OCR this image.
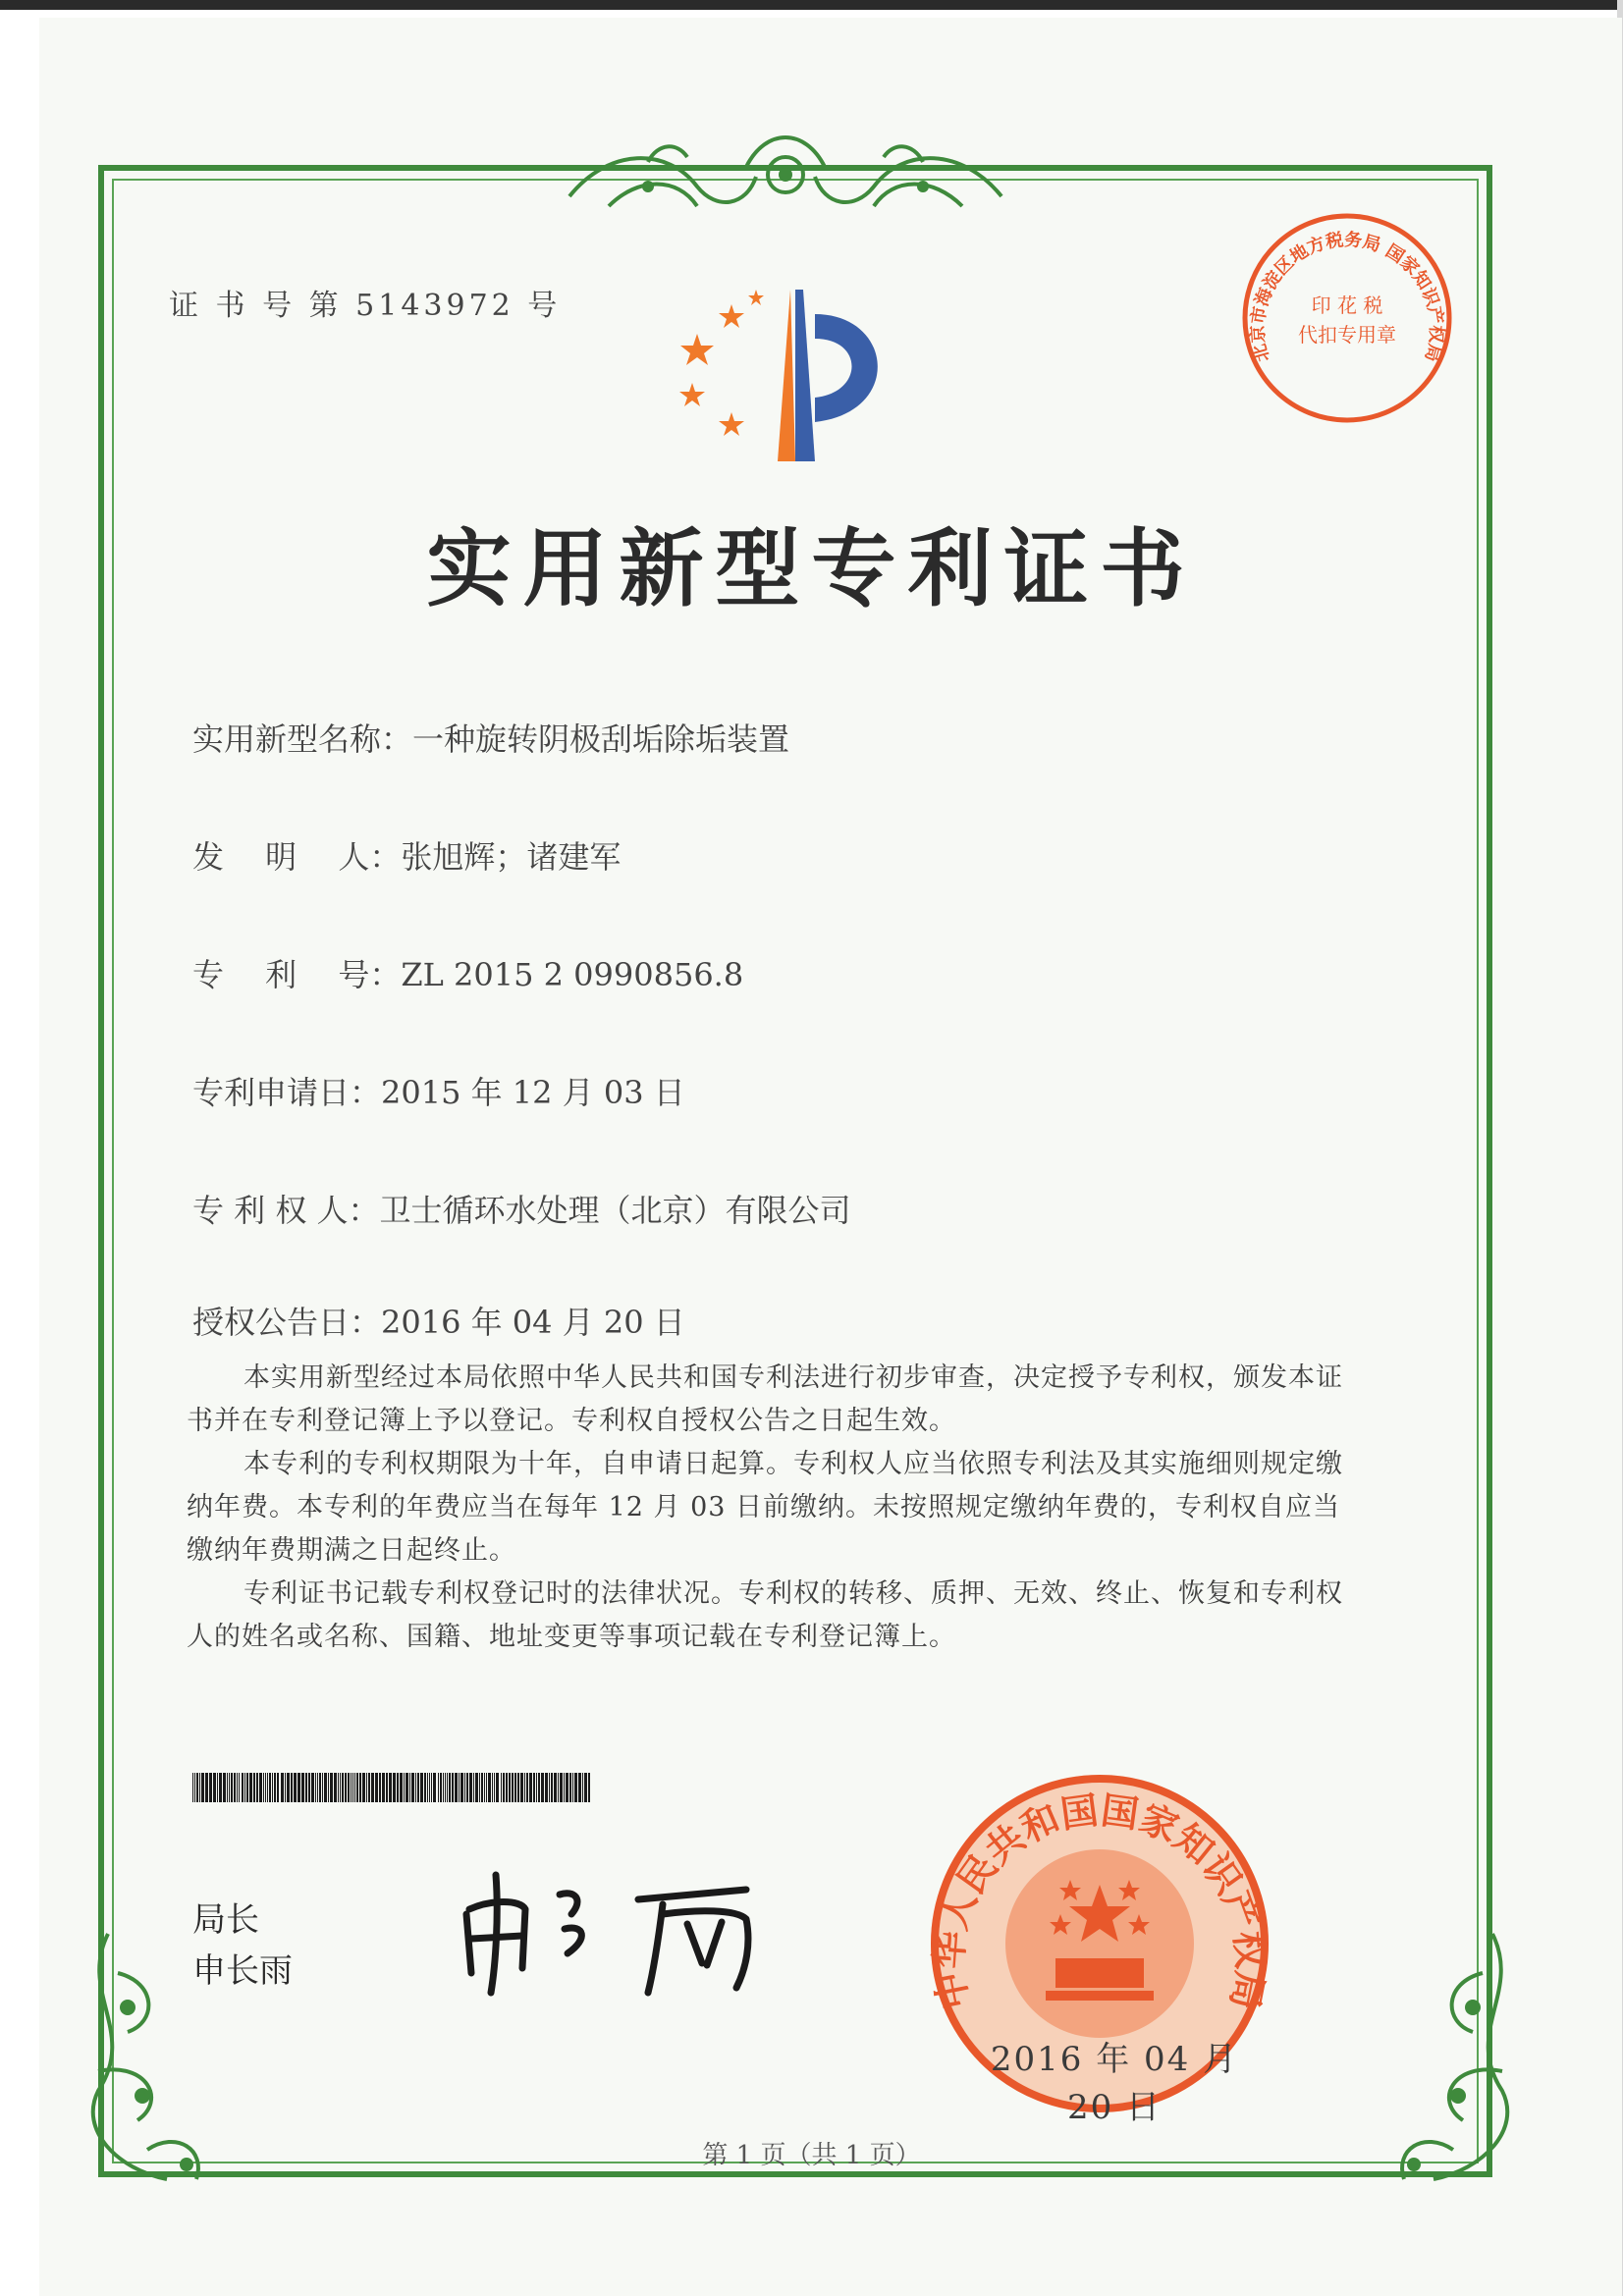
证 书 号 第 5143972 号
实用新型专利证书
实用新型名称：一种旋转阴极刮垢除垢装置
发　 明　 人：张旭辉；诸建军
专　 利　 号：ZL 2015 2 0990856.8
专利申请日：2015 年 12 月 03 日
专 利 权 人：卫士循环水处理（北京）有限公司
授权公告日：2016 年 04 月 20 日

本实用新型经过本局依照中华人民共和国专利法进行初步审查，决定授予专利权，颁发本证书并在专利登记簿上予以登记。专利权自授权公告之日起生效。

本专利的专利权期限为十年，自申请日起算。专利权人应当依照专利法及其实施细则规定缴纳年费。本专利的年费应当在每年 12 月 03 日前缴纳。未按照规定缴纳年费的，专利权自应当缴纳年费期满之日起终止。

专利证书记载专利权登记时的法律状况。专利权的转移、质押、无效、终止、恢复和专利权人的姓名或名称、国籍、地址变更等事项记载在专利登记簿上。

局长
申长雨	中华人民共和国国家知识产权局
2016 年 04 月 20 日
北京市海淀区地方税务局 国家知识产权局
印 花 税
代扣专用章
第 1 页（共 1 页）
